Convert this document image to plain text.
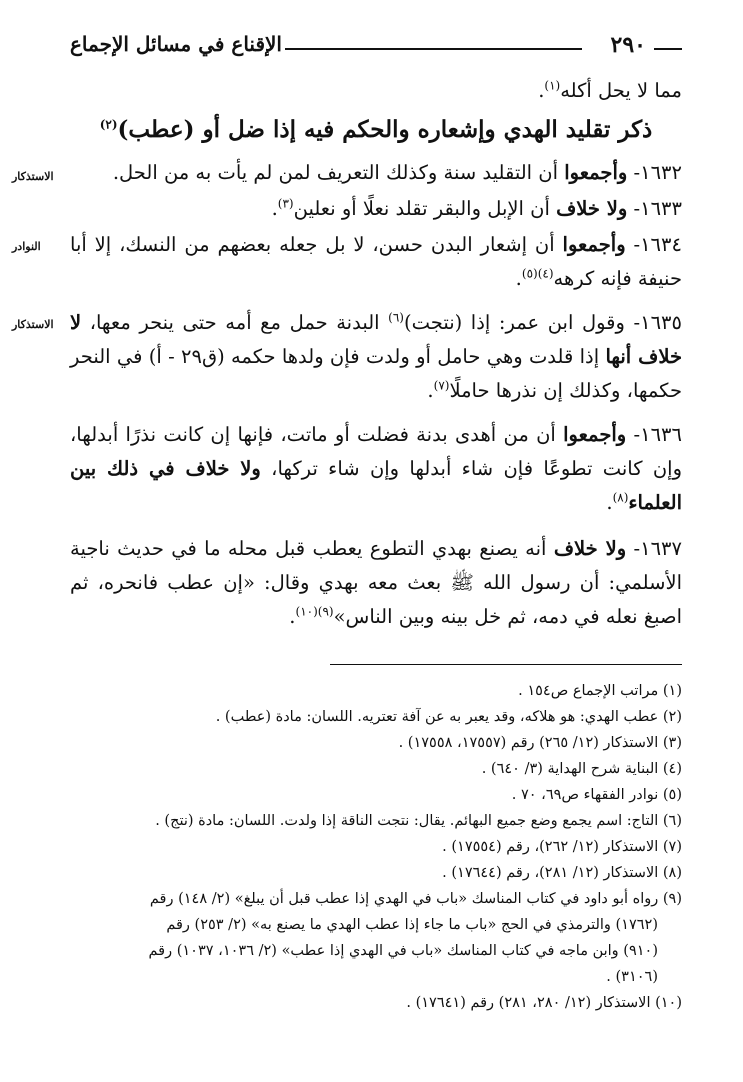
٢٩٠
الإقناع في مسائل الإجماع
الاستذكار
النوادر
الاستذكار
مما لا يحل أكله$^{(١)}$.
ذكر تقليد الهدي وإشعاره والحكم فيه إذا ضل أو (عطب)$^{(٢)}$
١٦٣٢- وأجمعوا أن التقليد سنة وكذلك التعريف لمن لم يأت به من الحل.
١٦٣٣- ولا خلاف أن الإبل والبقر تقلد نعلًا أو نعلين$^{(٣)}$.
١٦٣٤- وأجمعوا أن إشعار البدن حسن، لا بل جعله بعضهم من النسك، إلا أبا حنيفة فإنه كرهه$^{(٤)(٥)}$.
١٦٣٥- وقول ابن عمر: إذا (نتجت)$^{(٦)}$ البدنة حمل مع أمه حتى ينحر معها، لا خلاف أنها إذا قلدت وهي حامل أو ولدت فإن ولدها حكمه (ق٢٩ - أ) في النحر حكمها، وكذلك إن نذرها حاملًا$^{(٧)}$.
١٦٣٦- وأجمعوا أن من أهدى بدنة فضلت أو ماتت، فإنها إن كانت نذرًا أبدلها، وإن كانت تطوعًا فإن شاء أبدلها وإن شاء تركها، ولا خلاف في ذلك بين العلماء$^{(٨)}$.
١٦٣٧- ولا خلاف أنه يصنع بهدي التطوع يعطب قبل محله ما في حديث ناجية الأسلمي: أن رسول الله ﷺ بعث معه بهدي وقال: «إن عطب فانحره، ثم اصبغ نعله في دمه، ثم خل بينه وبين الناس»$^{(٩)(١٠)}$.

(١) مراتب الإجماع ص١٥٤ .

(٢) عطب الهدي: هو هلاكه، وقد يعبر به عن آفة تعتريه. اللسان: مادة (عطب) .

(٣) الاستذكار (١٢/ ٢٦٥) رقم (١٧٥٥٧، ١٧٥٥٨) .

(٤) البناية شرح الهداية (٣/ ٦٤٠) .

(٥) نوادر الفقهاء ص٦٩، ٧٠ .

(٦) التاج: اسم يجمع وضع جميع البهائم. يقال: نتجت الناقة إذا ولدت. اللسان: مادة (نتج) .

(٧) الاستذكار (١٢/ ٢٦٢)، رقم (١٧٥٥٤) .

(٨) الاستذكار (١٢/ ٢٨١)، رقم (١٧٦٤٤) .

(٩) رواه أبو داود في كتاب المناسك «باب في الهدي إذا عطب قبل أن يبلغ» (٢/ ١٤٨) رقم

(١٧٦٢) والترمذي في الحج «باب ما جاء إذا عطب الهدي ما يصنع به» (٢/ ٢٥٣) رقم

(٩١٠) وابن ماجه في كتاب المناسك «باب في الهدي إذا عطب» (٢/ ١٠٣٦، ١٠٣٧) رقم

(٣١٠٦) .

(١٠) الاستذكار (١٢/ ٢٨٠، ٢٨١) رقم (١٧٦٤١) .
